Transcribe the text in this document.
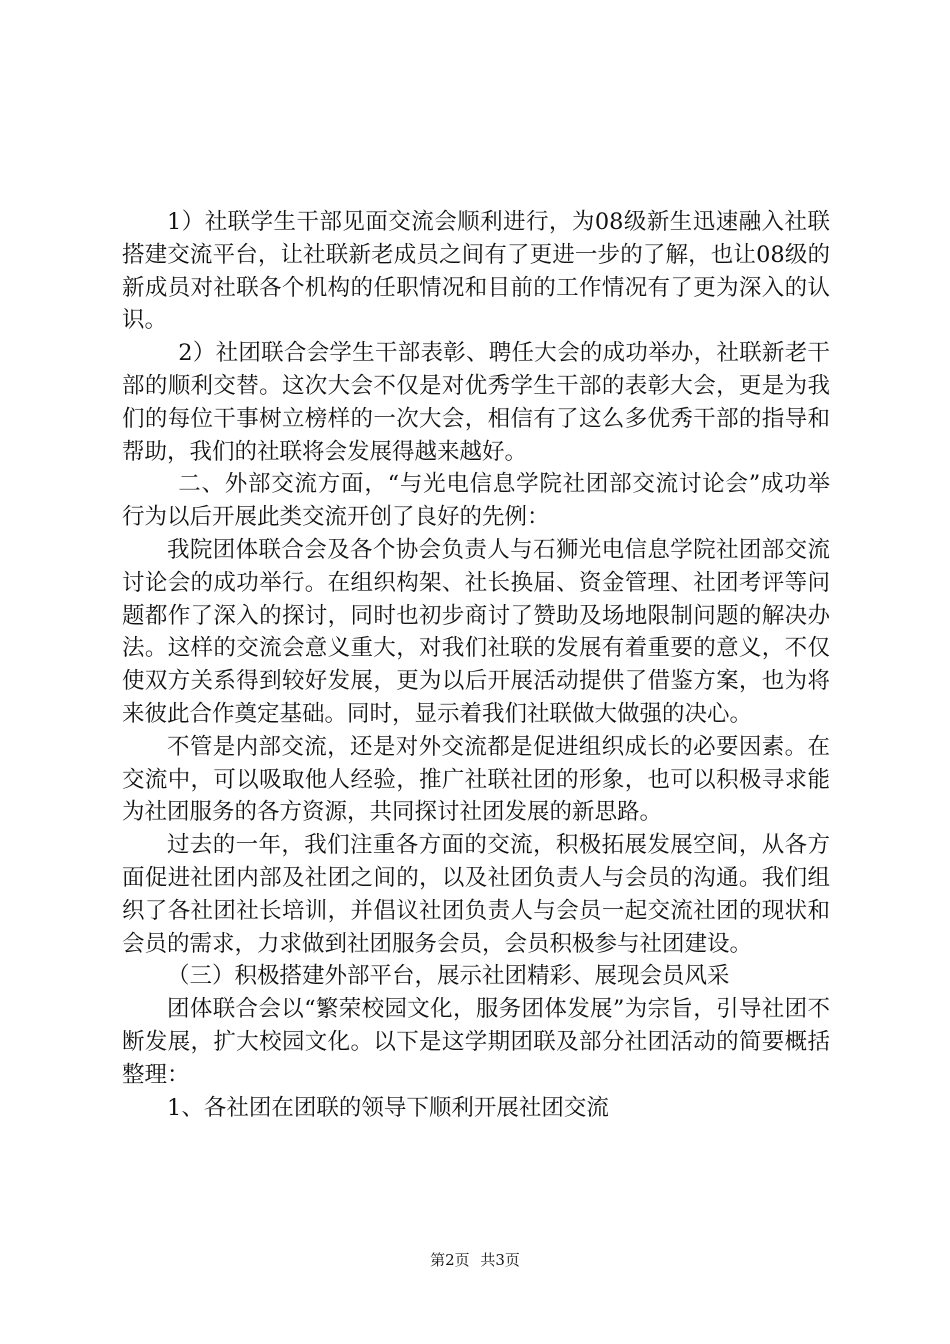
1）社联学生干部见面交流会顺利进行，为08级新生迅速融入社联搭建交流平台，让社联新老成员之间有了更进一步的了解，也让08级的新成员对社联各个机构的任职情况和目前的工作情况有了更为深入的认识。

2）社团联合会学生干部表彰、聘任大会的成功举办，社联新老干部的顺利交替。这次大会不仅是对优秀学生干部的表彰大会，更是为我们的每位干事树立榜样的一次大会，相信有了这么多优秀干部的指导和帮助，我们的社联将会发展得越来越好。

二、外部交流方面，“与光电信息学院社团部交流讨论会”成功举行为以后开展此类交流开创了良好的先例：

我院团体联合会及各个协会负责人与石狮光电信息学院社团部交流讨论会的成功举行。在组织构架、社长换届、资金管理、社团考评等问题都作了深入的探讨，同时也初步商讨了赞助及场地限制问题的解决办法。这样的交流会意义重大，对我们社联的发展有着重要的意义，不仅使双方关系得到较好发展，更为以后开展活动提供了借鉴方案，也为将来彼此合作奠定基础。同时，显示着我们社联做大做强的决心。

不管是内部交流，还是对外交流都是促进组织成长的必要因素。在交流中，可以吸取他人经验，推广社联社团的形象，也可以积极寻求能为社团服务的各方资源，共同探讨社团发展的新思路。

过去的一年，我们注重各方面的交流，积极拓展发展空间，从各方面促进社团内部及社团之间的，以及社团负责人与会员的沟通。我们组织了各社团社长培训，并倡议社团负责人与会员一起交流社团的现状和会员的需求，力求做到社团服务会员，会员积极参与社团建设。

（三）积极搭建外部平台，展示社团精彩、展现会员风采

团体联合会以“繁荣校园文化，服务团体发展”为宗旨，引导社团不断发展，扩大校园文化。以下是这学期团联及部分社团活动的简要概括整理：

1、各社团在团联的领导下顺利开展社团交流

第2页 共3页
